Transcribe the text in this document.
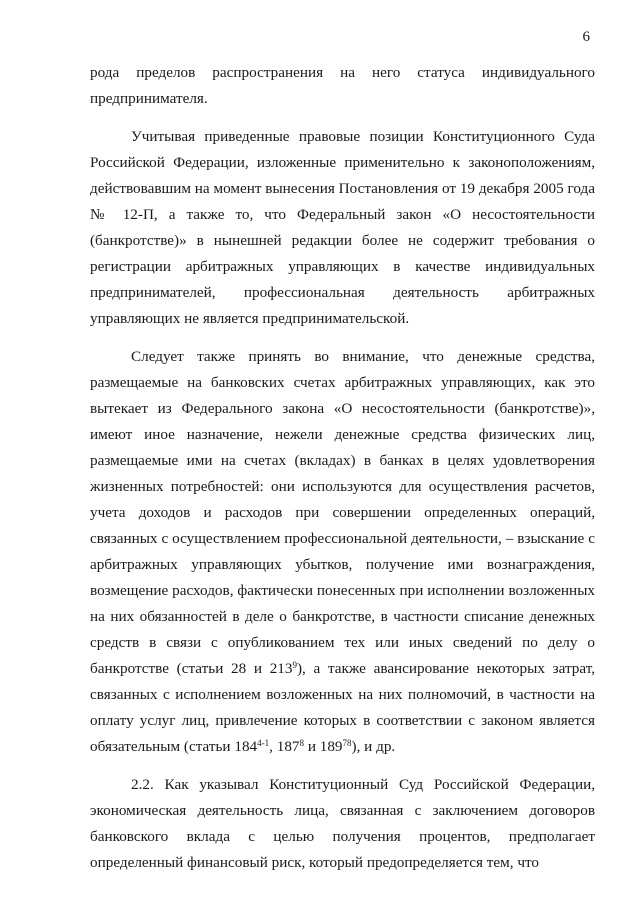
6

рода пределов распространения на него статуса индивидуального предпринимателя.

Учитывая приведенные правовые позиции Конституционного Суда Российской Федерации, изложенные применительно к законоположениям, действовавшим на момент вынесения Постановления от 19 декабря 2005 года № 12-П, а также то, что Федеральный закон «О несостоятельности (банкротстве)» в нынешней редакции более не содержит требования о регистрации арбитражных управляющих в качестве индивидуальных предпринимателей, профессиональная деятельность арбитражных управляющих не является предпринимательской.

Следует также принять во внимание, что денежные средства, размещаемые на банковских счетах арбитражных управляющих, как это вытекает из Федерального закона «О несостоятельности (банкротстве)», имеют иное назначение, нежели денежные средства физических лиц, размещаемые ими на счетах (вкладах) в банках в целях удовлетворения жизненных потребностей: они используются для осуществления расчетов, учета доходов и расходов при совершении определенных операций, связанных с осуществлением профессиональной деятельности, – взыскание с арбитражных управляющих убытков, получение ими вознаграждения, возмещение расходов, фактически понесенных при исполнении возложенных на них обязанностей в деле о банкротстве, в частности списание денежных средств в связи с опубликованием тех или иных сведений по делу о банкротстве (статьи 28 и $213^9$), а также авансирование некоторых затрат, связанных с исполнением возложенных на них полномочий, в частности на оплату услуг лиц, привлечение которых в соответствии с законом является обязательным (статьи 184$^{4-1}$, $187^8$ и $189^{78}$), и др.

2.2. Как указывал Конституционный Суд Российской Федерации, экономическая деятельность лица, связанная с заключением договоров банковского вклада с целью получения процентов, предполагает определенный финансовый риск, который предопределяется тем, что
